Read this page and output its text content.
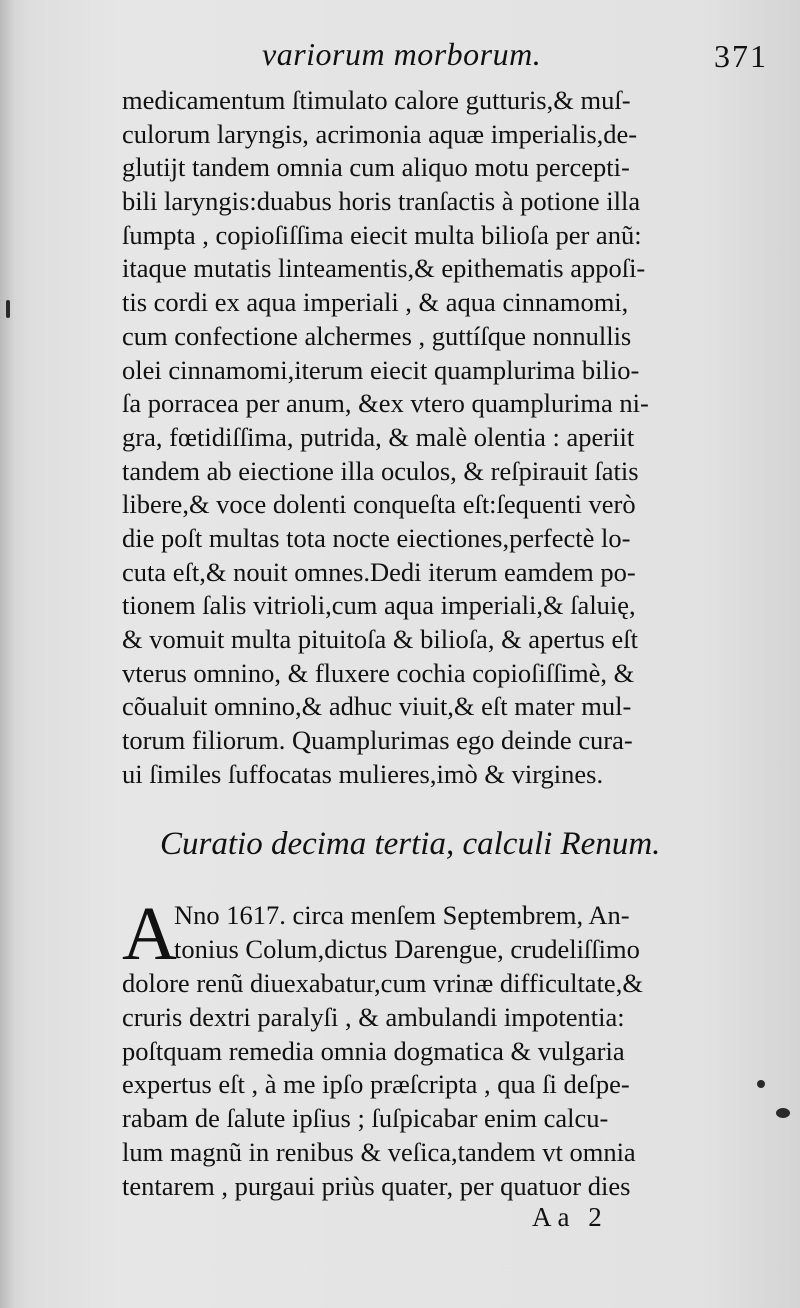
variorum morborum.	371
medicamentum ſtimulato calore gutturis,& muſ-
culorum laryngis, acrimonia aquæ imperialis,de-
glutijt tandem omnia cum aliquo motu percepti-
bili laryngis:duabus horis tranſactis à potione illa
ſumpta , copioſiſſima eiecit multa bilioſa per anũ:
itaque mutatis linteamentis,& epithematis appoſi-
tis cordi ex aqua imperiali , & aqua cinnamomi,
cum confectione alchermes , guttíſque nonnullis
olei cinnamomi,iterum eiecit quamplurima bilio-
ſa porracea per anum, &ex vtero quamplurima ni-
gra, fœtidiſſima, putrida, & malè olentia : aperiit
tandem ab eiectione illa oculos, & reſpirauit ſatis
libere,& voce dolenti conqueſta eſt:ſequenti verò
die poſt multas tota nocte eiectiones,perfectè lo-
cuta eſt,& nouit omnes.Dedi iterum eamdem po-
tionem ſalis vitrioli,cum aqua imperiali,& ſaluię,
& vomuit multa pituitoſa & bilioſa, & apertus eſt
vterus omnino, & fluxere cochia copioſiſſimè, &
cõualuit omnino,& adhuc viuit,& eſt mater mul-
torum filiorum. Quamplurimas ego deinde cura-
ui ſimiles ſuffocatas mulieres,imò & virgines.
Curatio decima tertia, calculi Renum.
A
Nno 1617. circa menſem Septembrem, An-
tonius Colum,dictus Darengue, crudeliſſimo
dolore renũ diuexabatur,cum vrinæ difficultate,&
cruris dextri paralyſi , & ambulandi impotentia:
poſtquam remedia omnia dogmatica & vulgaria
expertus eſt , à me ipſo præſcripta , qua ſi deſpe-
rabam de ſalute ipſius ; ſuſpicabar enim calcu-
lum magnũ in renibus & veſica,tandem vt omnia
tentarem , purgaui priùs quater, per quatuor dies
Aa 2
